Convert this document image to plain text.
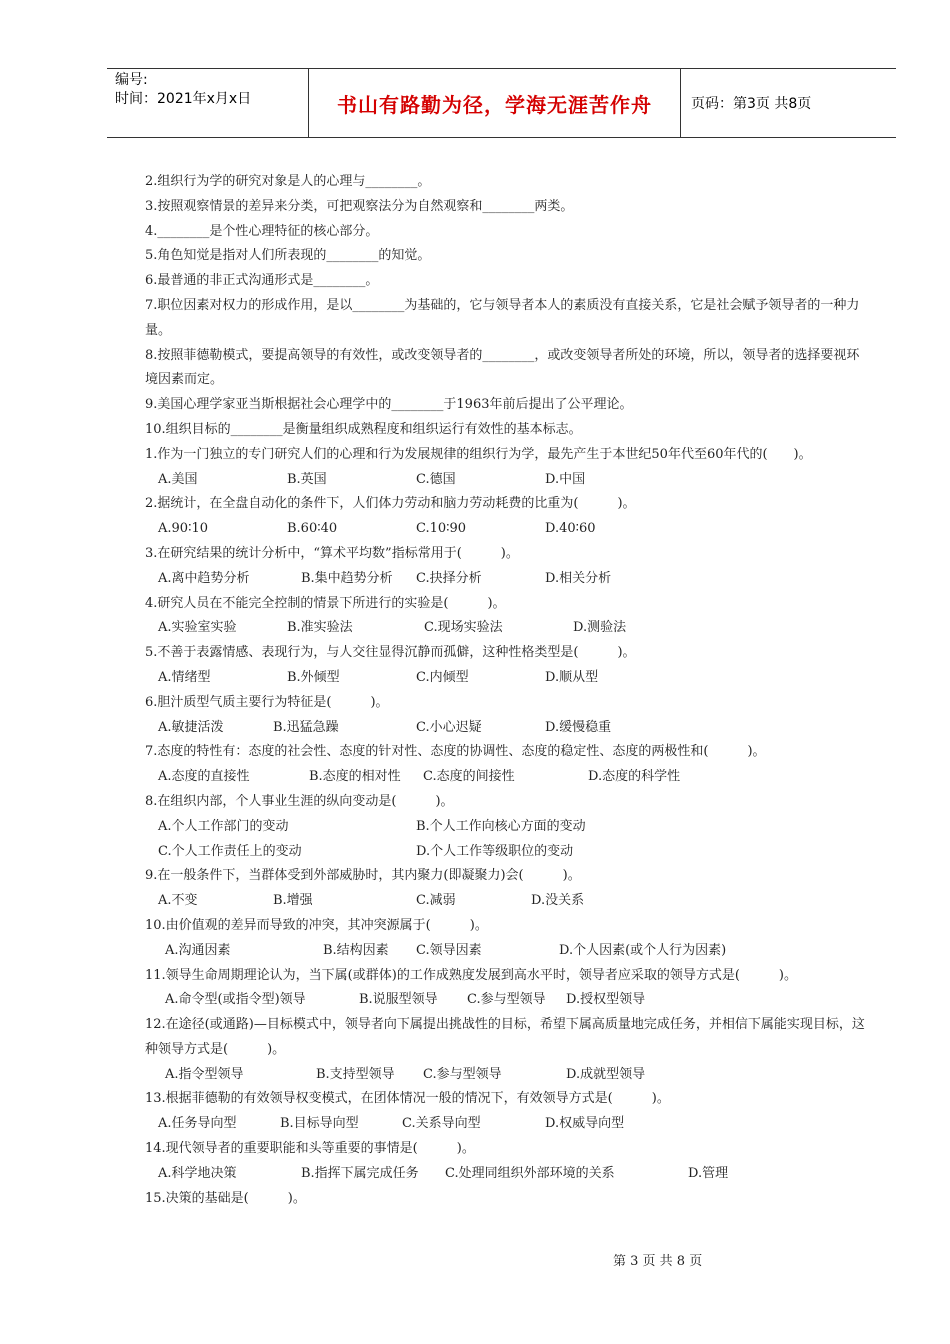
编号:
时间：2021年x月x日	书山有路勤为径，学海无涯苦作舟	页码：第3页 共8页
2.组织行为学的研究对象是人的心理与________。
3.按照观察情景的差异来分类，可把观察法分为自然观察和________两类。
4.________是个性心理特征的核心部分。
5.角色知觉是指对人们所表现的________的知觉。
6.最普通的非正式沟通形式是________。
7.职位因素对权力的形成作用，是以________为基础的，它与领导者本人的素质没有直接关系，它是社会赋予领导者的一种力量。
8.按照菲德勒模式，要提高领导的有效性，或改变领导者的________，或改变领导者所处的环境，所以，领导者的选择要视环境因素而定。
9.美国心理学家亚当斯根据社会心理学中的________于1963年前后提出了公平理论。
10.组织目标的________是衡量组织成熟程度和组织运行有效性的基本标志。
1.作为一门独立的专门研究人们的心理和行为发展规律的组织行为学，最先产生于本世纪50年代至60年代的(　　)。
A.美国	B.英国	C.德国	D.中国
2.据统计，在全盘自动化的条件下，人们体力劳动和脑力劳动耗费的比重为(　　　)。
A.90∶10	B.60∶40	C.10∶90	D.40∶60
3.在研究结果的统计分析中，“算术平均数”指标常用于(　　　)。
A.离中趋势分析	B.集中趋势分析 C.抉择分析	D.相关分析
4.研究人员在不能完全控制的情景下所进行的实验是(　　　)。
A.实验室实验	B.准实验法	C.现场实验法	D.测验法
5.不善于表露情感、表现行为，与人交往显得沉静而孤僻，这种性格类型是(　　　)。
A.情绪型	B.外倾型	C.内倾型	D.顺从型
6.胆汁质型气质主要行为特征是(　　　)。
A.敏捷活泼	B.迅猛急躁	C.小心迟疑	D.缓慢稳重
7.态度的特性有：态度的社会性、态度的针对性、态度的协调性、态度的稳定性、态度的两极性和(　　　)。
A.态度的直接性	B.态度的相对性 C.态度的间接性	D.态度的科学性
8.在组织内部，个人事业生涯的纵向变动是(　　　)。
A.个人工作部门的变动	B.个人工作向核心方面的变动
C.个人工作责任上的变动	D.个人工作等级职位的变动
9.在一般条件下，当群体受到外部威胁时，其内聚力(即凝聚力)会(　　　)。
A.不变	B.增强	C.减弱	D.没关系
10.由价值观的差异而导致的冲突，其冲突源属于(　　　)。
A.沟通因素	B.结构因素 C.领导因素	D.个人因素(或个人行为因素)
11.领导生命周期理论认为，当下属(或群体)的工作成熟度发展到高水平时，领导者应采取的领导方式是(　　　)。
A.命令型(或指令型)领导	B.说服型领导 C.参与型领导 D.授权型领导
12.在途径(或通路)—目标模式中，领导者向下属提出挑战性的目标，希望下属高质量地完成任务，并相信下属能实现目标，这种领导方式是(　　　)。
A.指令型领导	B.支持型领导 C.参与型领导	D.成就型领导
13.根据菲德勒的有效领导权变模式，在团体情况一般的情况下，有效领导方式是(　　　)。
A.任务导向型	B.目标导向型	C.关系导向型	D.权威导向型
14.现代领导者的重要职能和头等重要的事情是(　　　)。
A.科学地决策	B.指挥下属完成任务 C.处理同组织外部环境的关系	D.管理
15.决策的基础是(　　　)。
第 3 页 共 8 页
